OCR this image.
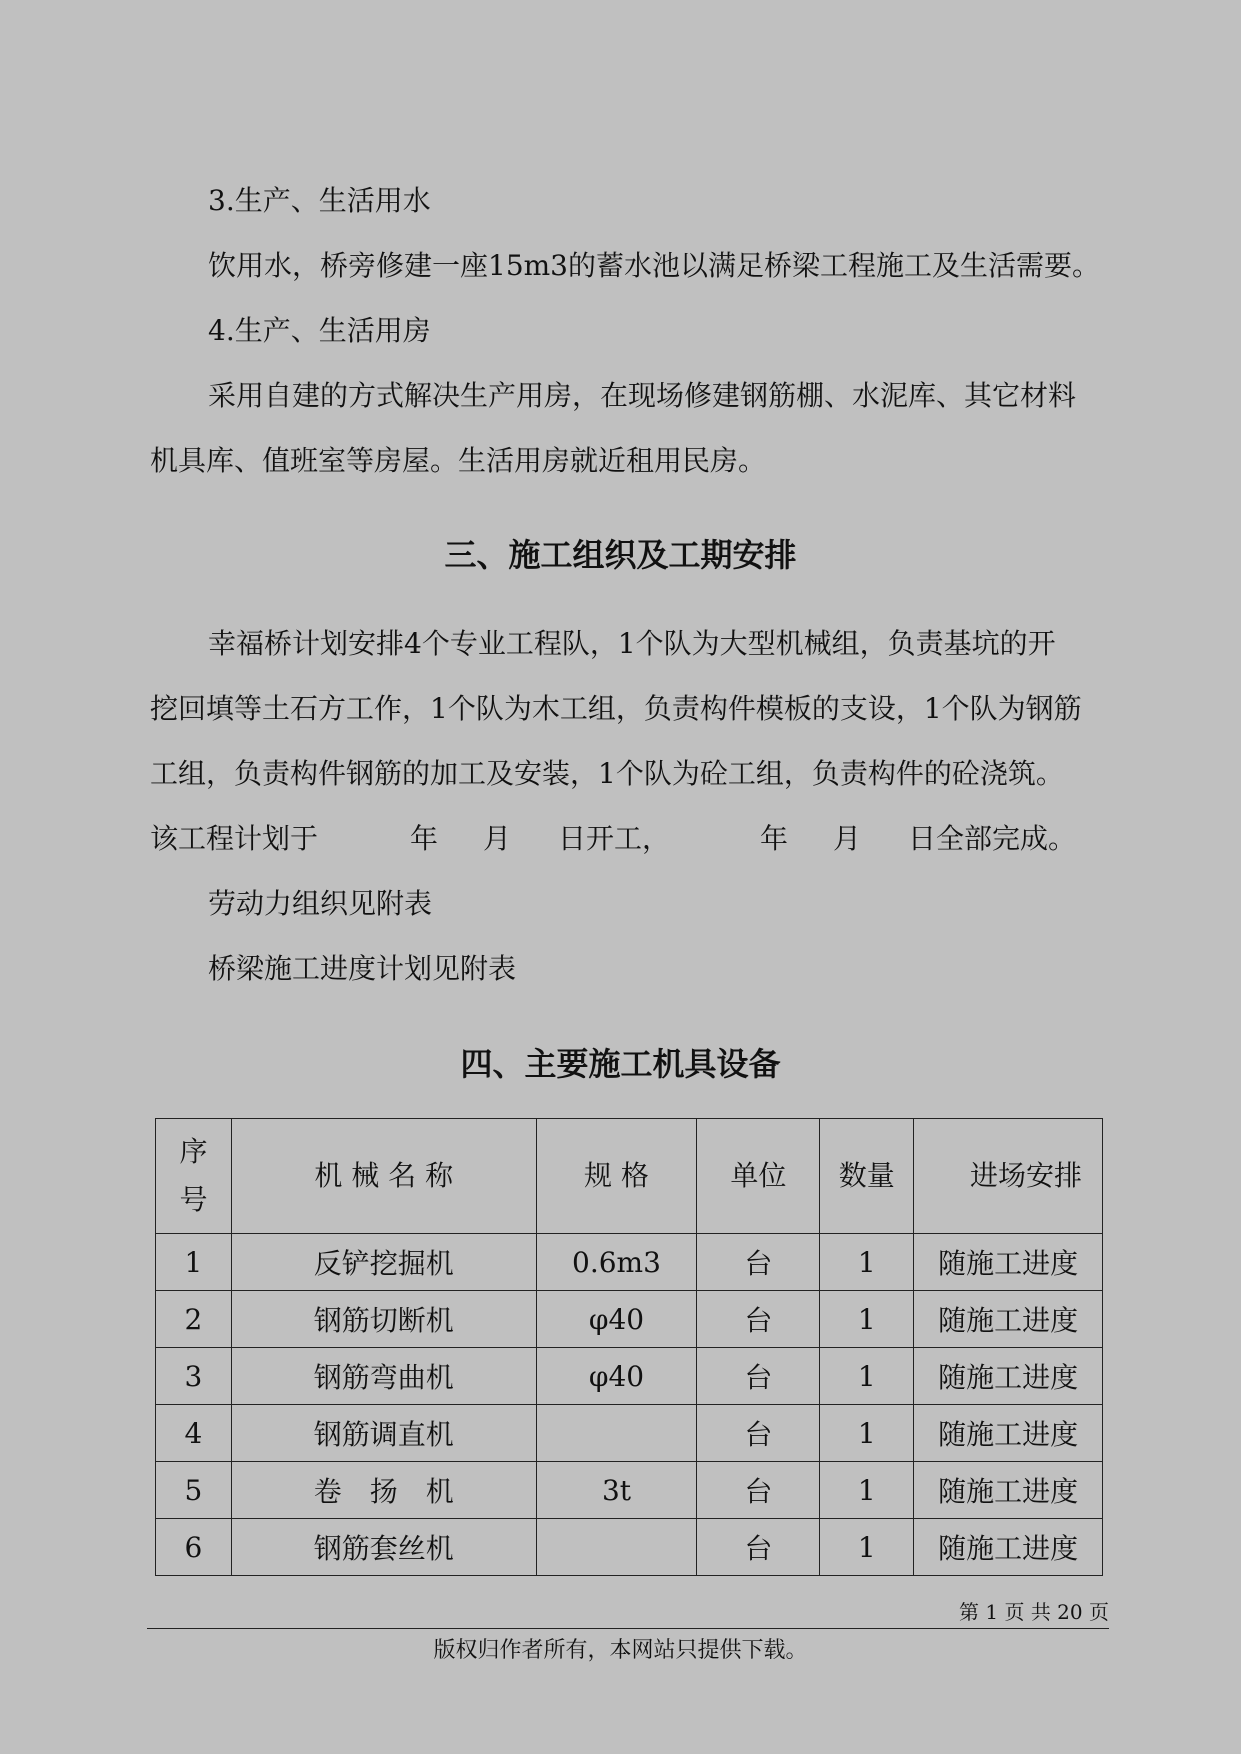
3.生产、生活用水

饮用水，桥旁修建一座15m3的蓄水池以满足桥梁工程施工及生活需要。

4.生产、生活用房

采用自建的方式解决生产用房，在现场修建钢筋棚、水泥库、其它材料

机具库、值班室等房屋。生活用房就近租用民房。

三、施工组织及工期安排

幸福桥计划安排4个专业工程队，1个队为大型机械组，负责基坑的开

挖回填等土石方工作，1个队为木工组，负责构件模板的支设，1个队为钢筋

工组，负责构件钢筋的加工及安装，1个队为砼工组，负责构件的砼浇筑。

该工程计划于	年 月 日开工，	年 月 日全部完成。

劳动力组织见附表

桥梁施工进度计划见附表

四、主要施工机具设备
序号	机 械 名 称	规 格	单位	数量	进场安排
1	反铲挖掘机	0.6m3	台	1	随施工进度
2	钢筋切断机	φ40	台	1	随施工进度
3	钢筋弯曲机	φ40	台	1	随施工进度
4	钢筋调直机		台	1	随施工进度
5	卷　扬　机	3t	台	1	随施工进度
6	钢筋套丝机		台	1	随施工进度
第 1 页 共 20 页
版权归作者所有，本网站只提供下载。
